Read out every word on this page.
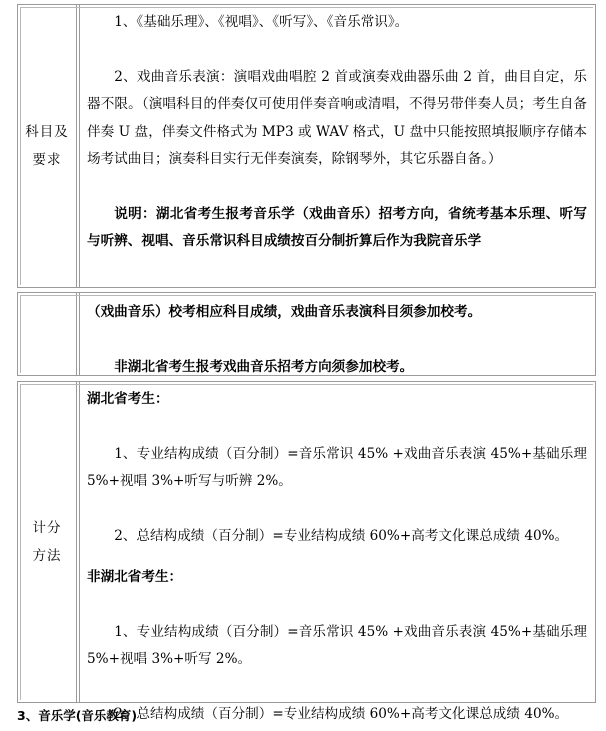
科目及
要求

1、《基础乐理》、《视唱》、《听写》、《音乐常识》。

2、戏曲音乐表演：演唱戏曲唱腔 2 首或演奏戏曲器乐曲 2 首，曲目自定，乐器不限。（演唱科目的伴奏仅可使用伴奏音响或清唱，不得另带伴奏人员；考生自备伴奏 U 盘，伴奏文件格式为 MP3 或 WAV 格式，U 盘中只能按照填报顺序存储本场考试曲目；演奏科目实行无伴奏演奏，除钢琴外，其它乐器自备。）

说明：湖北省考生报考音乐学（戏曲音乐）招考方向，省统考基本乐理、听写与听辨、视唱、音乐常识科目成绩按百分制折算后作为我院音乐学

（戏曲音乐）校考相应科目成绩，戏曲音乐表演科目须参加校考。

非湖北省考生报考戏曲音乐招考方向须参加校考。

计分
方法

湖北省考生：

1、专业结构成绩（百分制）=音乐常识 45% +戏曲音乐表演 45%+基础乐理 5%+视唱 3%+听写与听辨 2%。

2、总结构成绩（百分制）=专业结构成绩 60%+高考文化课总成绩 40%。

非湖北省考生：

1、专业结构成绩（百分制）=音乐常识 45% +戏曲音乐表演 45%+基础乐理 5%+视唱 3%+听写 2%。

2、总结构成绩（百分制）=专业结构成绩 60%+高考文化课总成绩 40%。

3、音乐学(音乐教育)
